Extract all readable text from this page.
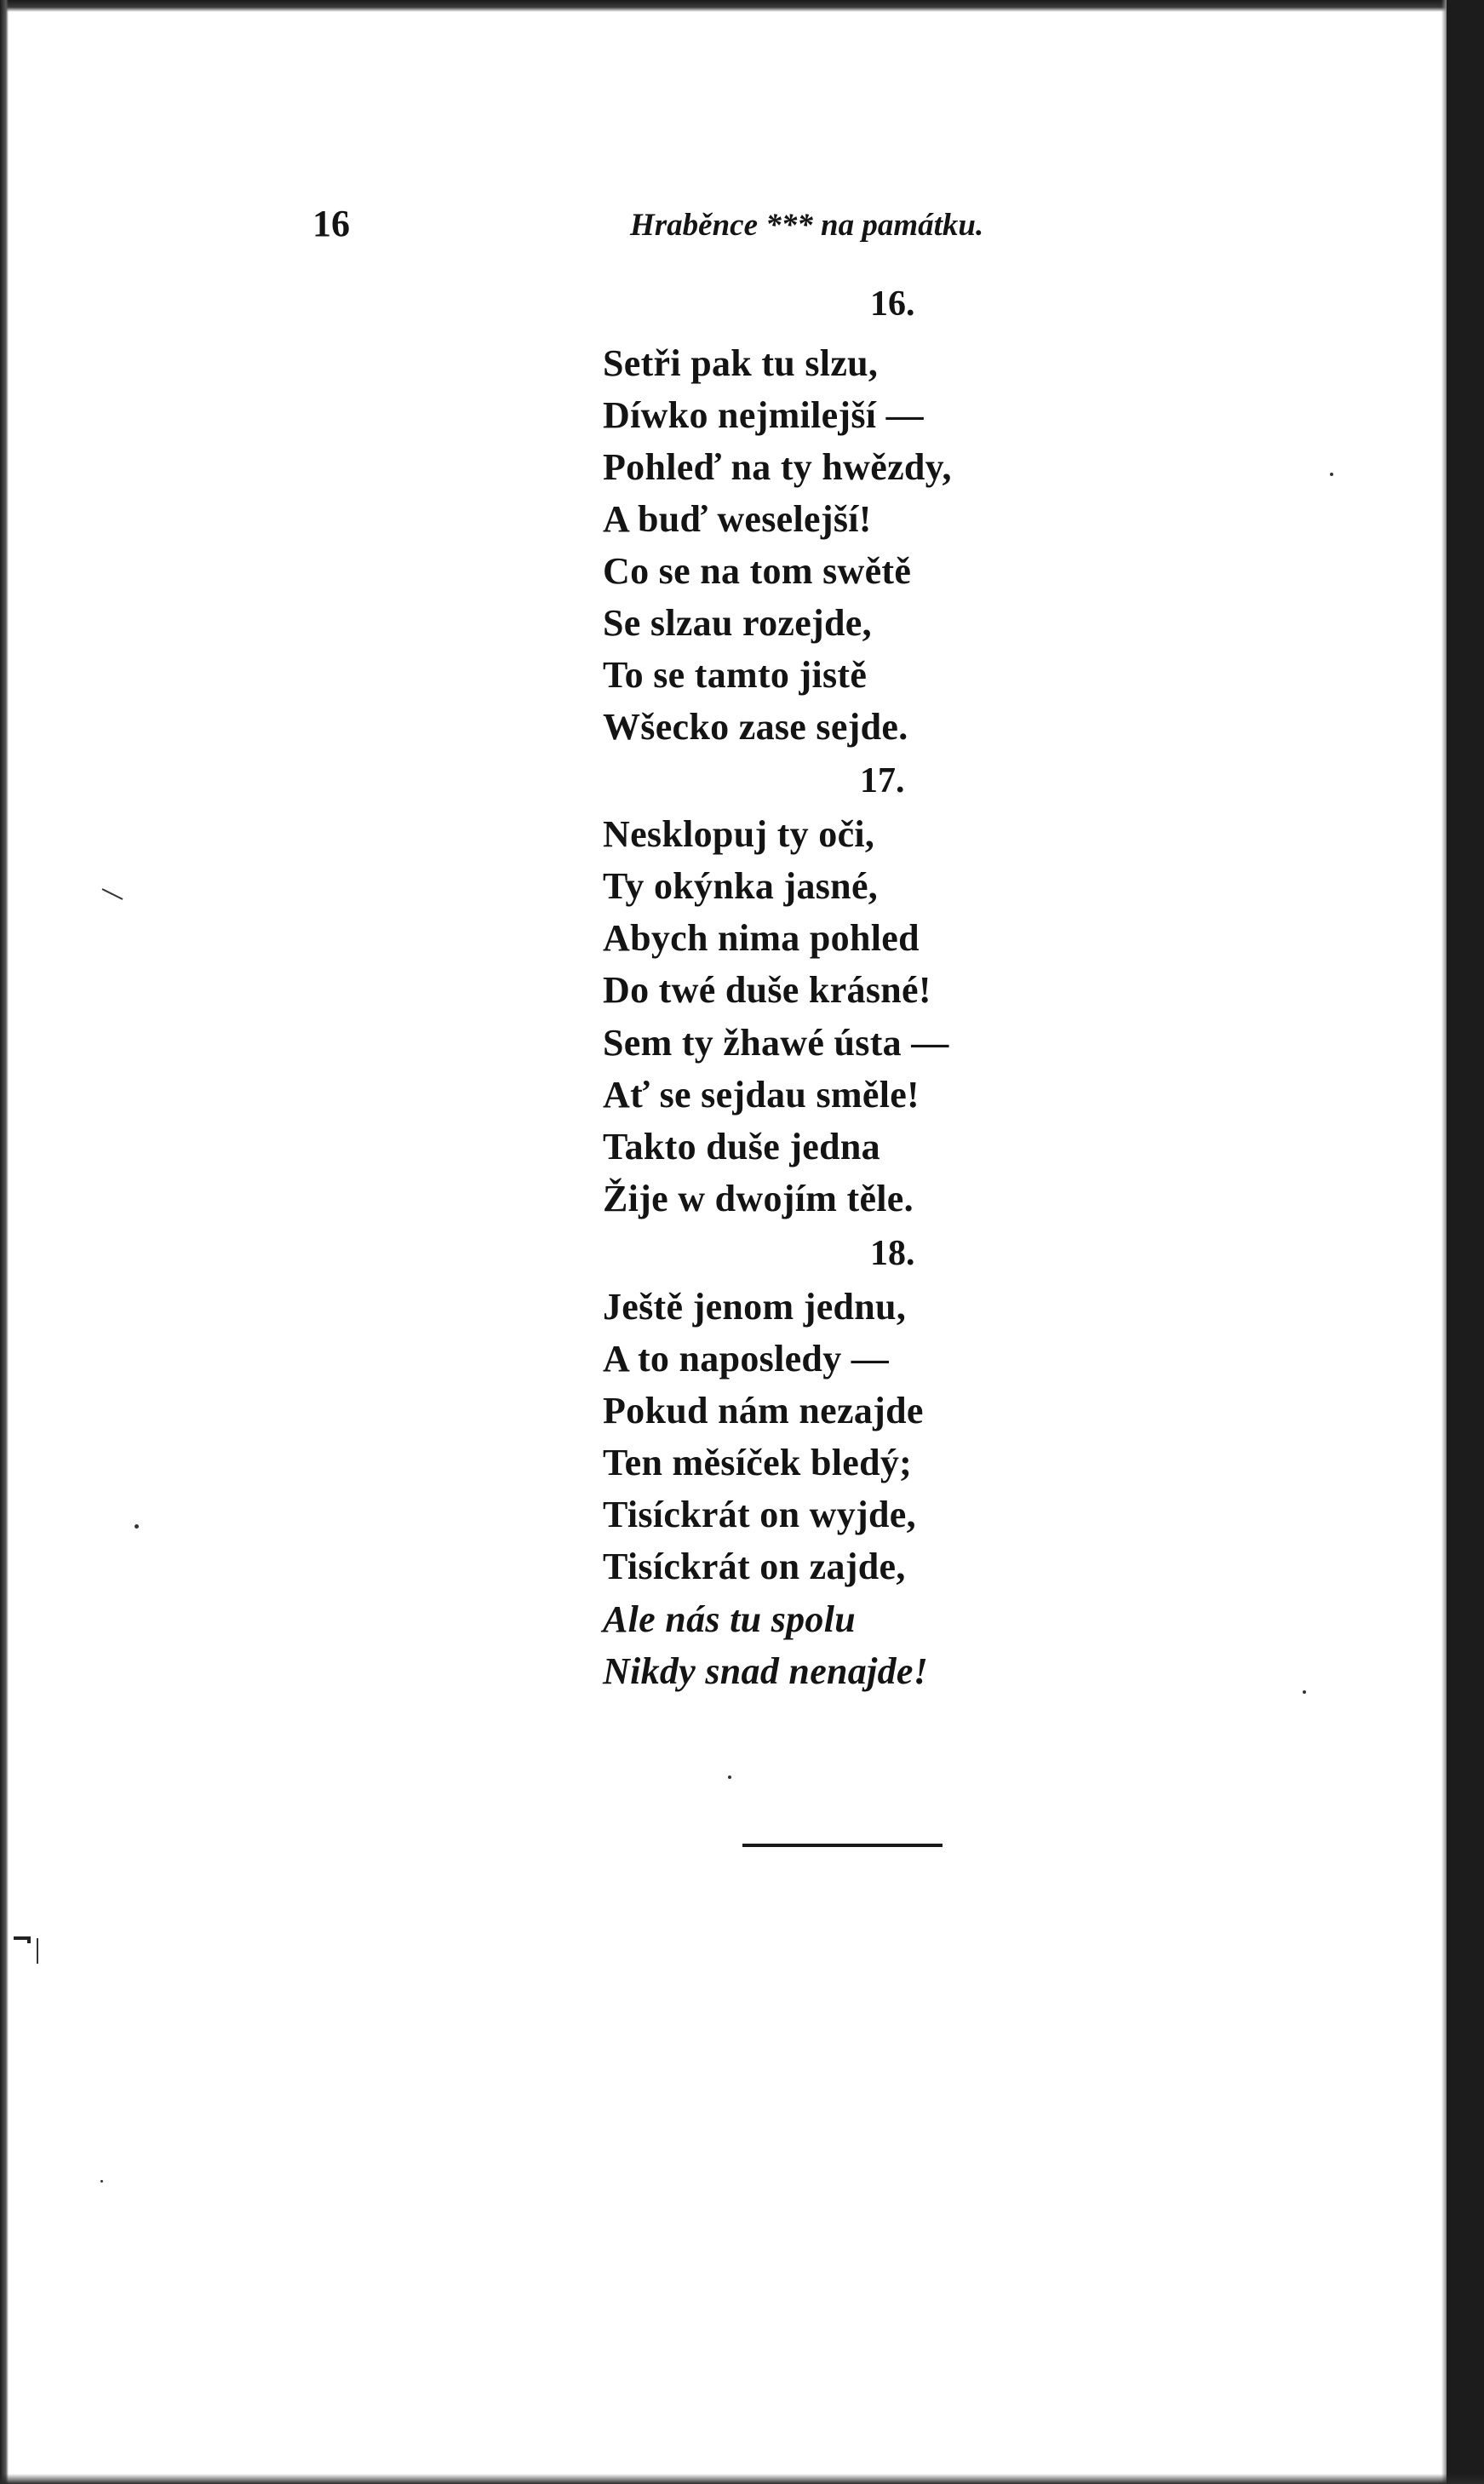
16	Hraběnce *** na památku.
16.
Setři pak tu slzu,
Díwko nejmilejší —
Pohleď na ty hwězdy,
A buď weselejší!
Co se na tom swětě
Se slzau rozejde,
To se tamto jistě
Wšecko zase sejde.
17.
Nesklopuj ty oči,
Ty okýnka jasné,
Abych nima pohled
Do twé duše krásné!
Sem ty žhawé ústa —
Ať se sejdau směle!
Takto duše jedna
Žije w dwojím těle.
18.
Ještě jenom jednu,
A to naposledy —
Pokud nám nezajde
Ten měsíček bledý;
Tisíckrát on wyjde,
Tisíckrát on zajde,
Ale nás tu spolu
Nikdy snad nenajde!
